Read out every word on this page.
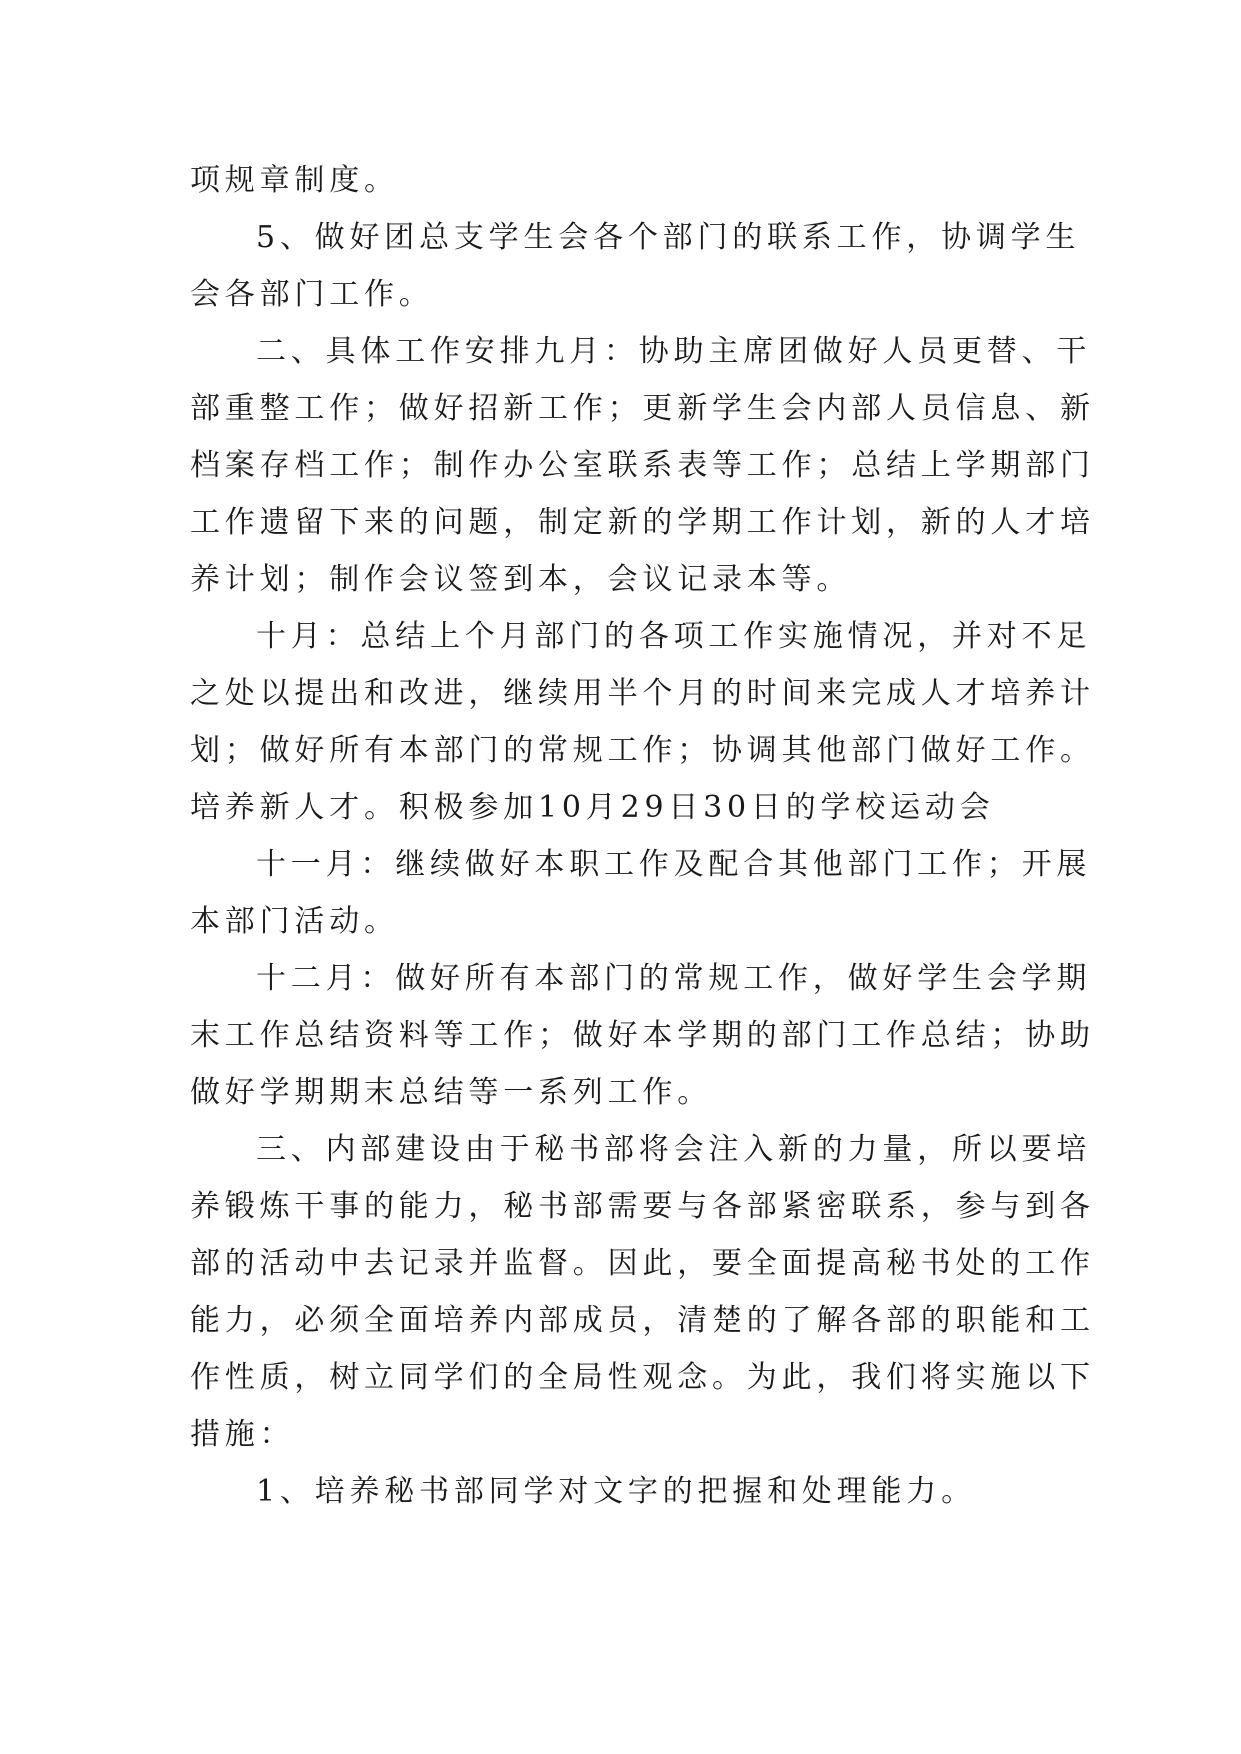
项规章制度。
5、做好团总支学生会各个部门的联系工作，协调学生
会各部门工作。
二、具体工作安排九月：协助主席团做好人员更替、干
部重整工作；做好招新工作；更新学生会内部人员信息、新
档案存档工作；制作办公室联系表等工作；总结上学期部门
工作遗留下来的问题，制定新的学期工作计划，新的人才培
养计划；制作会议签到本，会议记录本等。
十月：总结上个月部门的各项工作实施情况，并对不足
之处以提出和改进，继续用半个月的时间来完成人才培养计
划；做好所有本部门的常规工作；协调其他部门做好工作。
培养新人才。积极参加10月29日30日的学校运动会
十一月：继续做好本职工作及配合其他部门工作；开展
本部门活动。
十二月：做好所有本部门的常规工作，做好学生会学期
末工作总结资料等工作；做好本学期的部门工作总结；协助
做好学期期末总结等一系列工作。
三、内部建设由于秘书部将会注入新的力量，所以要培
养锻炼干事的能力，秘书部需要与各部紧密联系，参与到各
部的活动中去记录并监督。因此，要全面提高秘书处的工作
能力，必须全面培养内部成员，清楚的了解各部的职能和工
作性质，树立同学们的全局性观念。为此，我们将实施以下
措施：
1、培养秘书部同学对文字的把握和处理能力。
